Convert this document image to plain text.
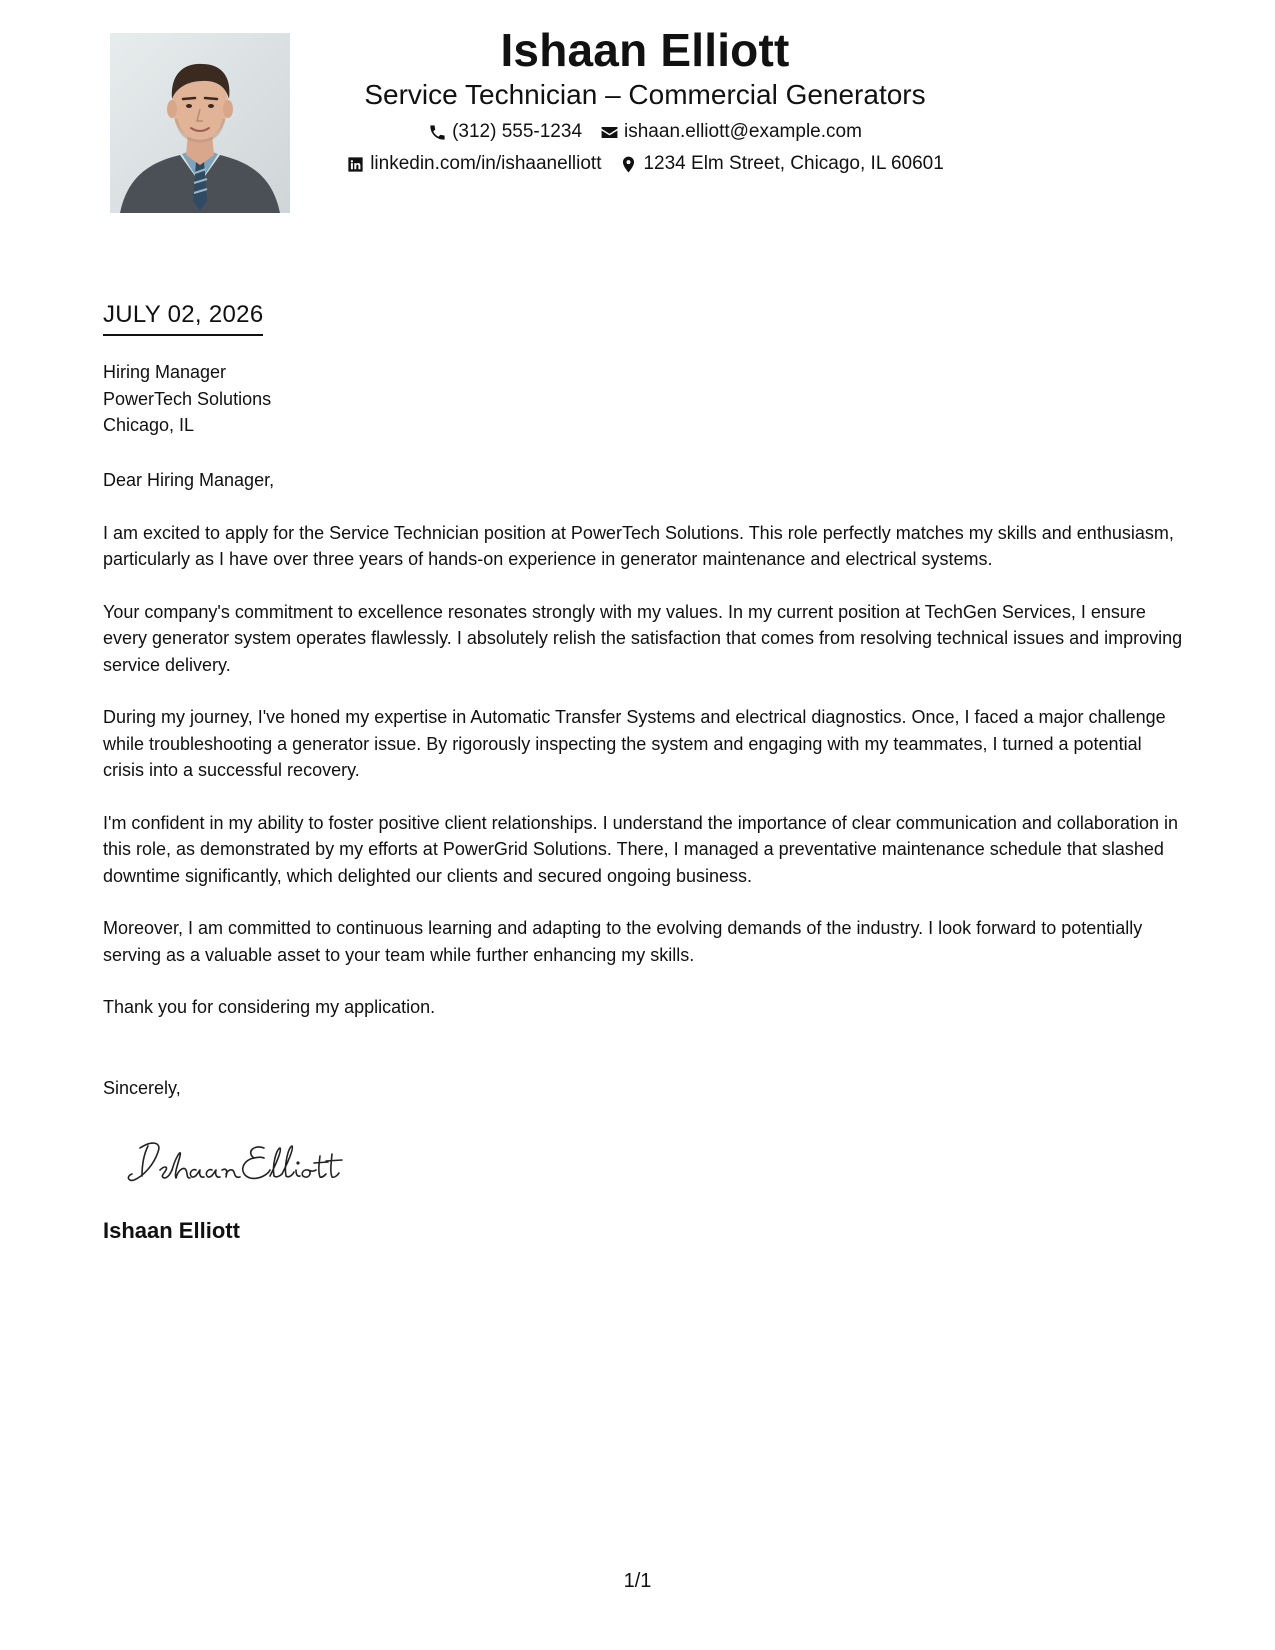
Ishaan Elliott
Service Technician – Commercial Generators
(312) 555-1234 ishaan.elliott@example.com
linkedin.com/in/ishaanelliott 1234 Elm Street, Chicago, IL 60601
JULY 02, 2026
Hiring Manager
PowerTech Solutions
Chicago, IL

Dear Hiring Manager,

I am excited to apply for the Service Technician position at PowerTech Solutions. This role perfectly matches my skills and enthusiasm, particularly as I have over three years of hands-on experience in generator maintenance and electrical systems.

Your company's commitment to excellence resonates strongly with my values. In my current position at TechGen Services, I ensure every generator system operates flawlessly. I absolutely relish the satisfaction that comes from resolving technical issues and improving service delivery.

During my journey, I've honed my expertise in Automatic Transfer Systems and electrical diagnostics. Once, I faced a major challenge while troubleshooting a generator issue. By rigorously inspecting the system and engaging with my teammates, I turned a potential crisis into a successful recovery.

I'm confident in my ability to foster positive client relationships. I understand the importance of clear communication and collaboration in this role, as demonstrated by my efforts at PowerGrid Solutions. There, I managed a preventative maintenance schedule that slashed downtime significantly, which delighted our clients and secured ongoing business.

Moreover, I am committed to continuous learning and adapting to the evolving demands of the industry. I look forward to potentially serving as a valuable asset to your team while further enhancing my skills.

Thank you for considering my application.

Sincerely,
Ishaan Elliott
1/1
